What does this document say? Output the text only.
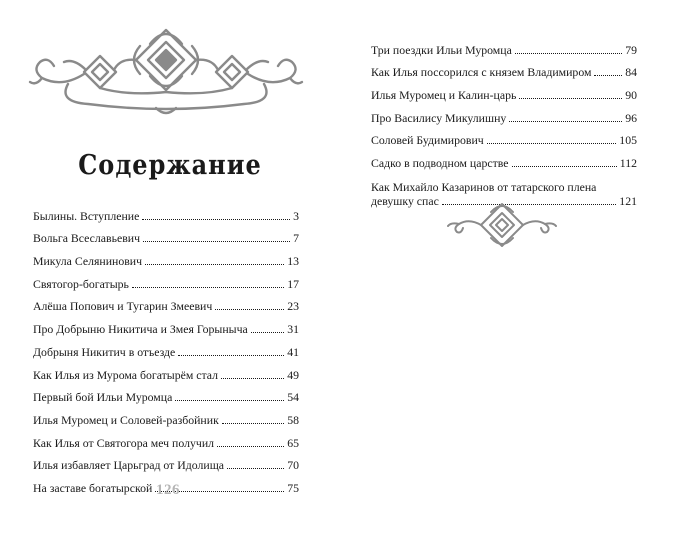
Содержание
Былины. Вступление	3
Вольга Всеславьевич	7
Микула Селянинович	13
Святогор-богатырь	17
Алёша Попович и Тугарин Змеевич	23
Про Добрыню Никитича и Змея Горыныча	31
Добрыня Никитич в отъезде	41
Как Илья из Мурома богатырём стал	49
Первый бой Ильи Муромца	54
Илья Муромец и Соловей-разбойник	58
Как Илья от Святогора меч получил	65
Илья избавляет Царьград от Идолища	70
На заставе богатырской	75
126
Три поездки Ильи Муромца	79
Как Илья поссорился с князем Владимиром	84
Илья Муромец и Калин-царь	90
Про Василису Микулишну	96
Соловей Будимирович	105
Садко в подводном царстве	112
Как Михайло Казаринов от татарского плена
девушку спас	121
